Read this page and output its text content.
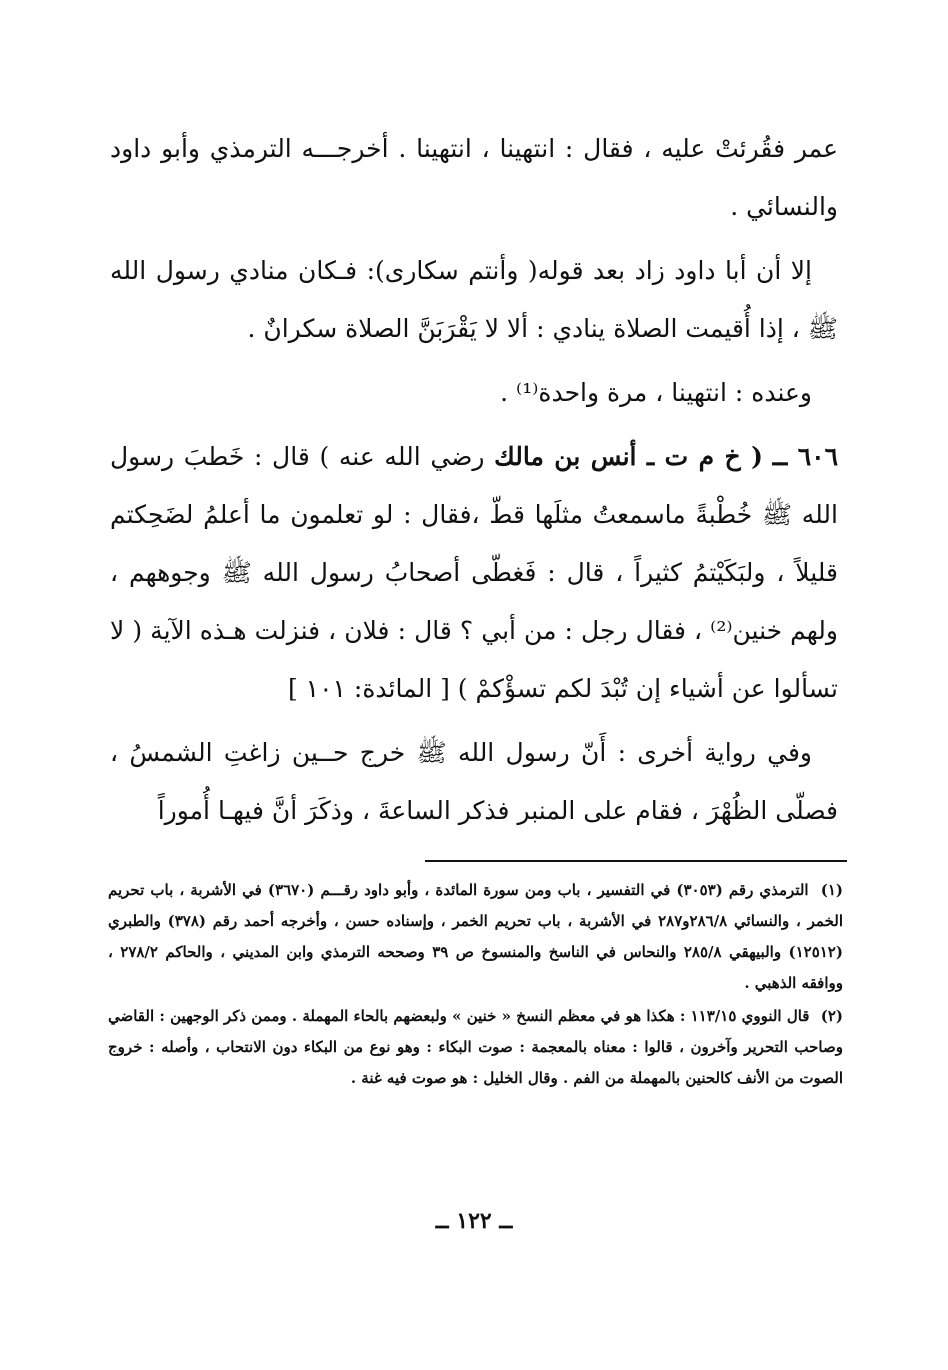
عمر فقُرئتْ عليه ، فقال : انتهينا ، انتهينا . أخرجـــه الترمذي وأبو داود والنسائي .

إلا أن أبا داود زاد بعد قوله( وأنتم سكارى): فـكان منادي رسول الله ﷺ ، إذا أُقيمت الصلاة ينادي : ألا لا يَقْرَبَنَّ الصلاة سكرانٌ .

وعنده : انتهينا ، مرة واحدة⁽¹⁾ .

٦٠٦ ــ ( خ م ت ـ أنس بن مالك رضي الله عنه ) قال : خَطبَ رسول الله ﷺ خُطْبةً ماسمعتُ مثلَها قطّ ،فقال : لو تعلمون ما أعلمُ لضَحِكتم قليلاً ، ولبَكَيْتمُ كثيراً ، قال : فَغطّى أصحابُ رسول الله ﷺ وجوههم ، ولهم خنين⁽²⁾ ، فقال رجل : من أبي ؟ قال : فلان ، فنزلت هـذه الآية ( لا تسألوا عن أشياء إن تُبْدَ لكم تسؤْكمْ ) [ المائدة: ١٠١ ]

وفي رواية أخرى : أَنّ رسول الله ﷺ خرج حــين زاغتِ الشمسُ ، فصلّى الظُهْرَ ، فقام على المنبر فذكر الساعةَ ، وذكَرَ أنَّ فيهـا أُموراً

(١) الترمذي رقم (٣٠٥٣) في التفسير ، باب ومن سورة المائدة ، وأبو داود رقـــم (٣٦٧٠) في الأشربة ، باب تحريم الخمر ، والنسائي ٢٨٦/٨و٢٨٧ في الأشربة ، باب تحريم الخمر ، وإسناده حسن ، وأخرجه أحمد رقم (٣٧٨) والطبري (١٢٥١٢) والبيهقي ٢٨٥/٨ والنحاس في الناسخ والمنسوخ ص ٣٩ وصححه الترمذي وابن المديني ، والحاكم ٢٧٨/٢ ، ووافقه الذهبي .

(٢) قال النووي ١١٣/١٥ : هكذا هو في معظم النسخ « خنين » ولبعضهم بالحاء المهملة . وممن ذكر الوجهين : القاضي وصاحب التحرير وآخرون ، قالوا : معناه بالمعجمة : صوت البكاء : وهو نوع من البكاء دون الانتحاب ، وأصله : خروج الصوت من الأنف كالحنين بالمهملة من الفم . وقال الخليل : هو صوت فيه غنة .

ــ ١٢٢ ــ
